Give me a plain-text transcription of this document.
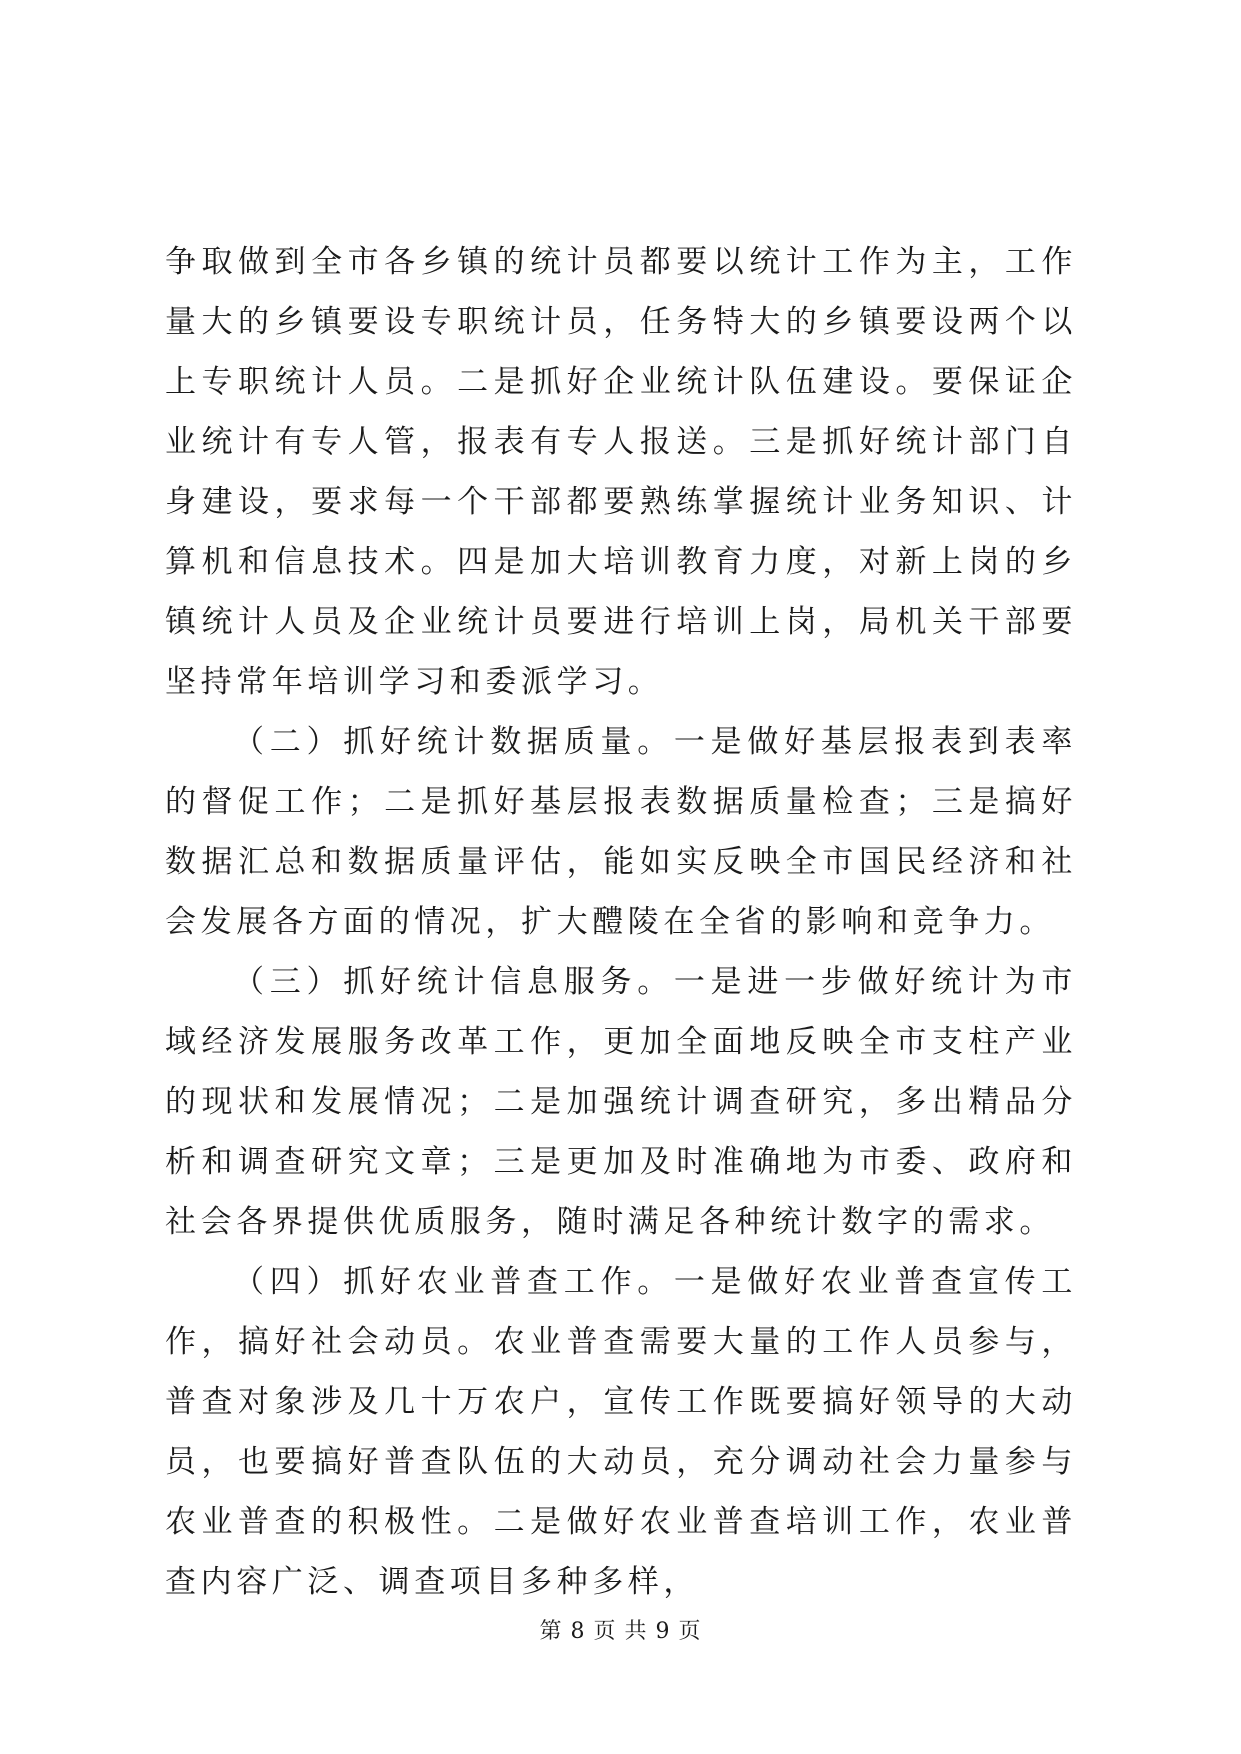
争取做到全市各乡镇的统计员都要以统计工作为主，工作量大的乡镇要设专职统计员，任务特大的乡镇要设两个以上专职统计人员。二是抓好企业统计队伍建设。要保证企业统计有专人管，报表有专人报送。三是抓好统计部门自身建设，要求每一个干部都要熟练掌握统计业务知识、计算机和信息技术。四是加大培训教育力度，对新上岗的乡镇统计人员及企业统计员要进行培训上岗，局机关干部要坚持常年培训学习和委派学习。

（二）抓好统计数据质量。一是做好基层报表到表率的督促工作；二是抓好基层报表数据质量检查；三是搞好数据汇总和数据质量评估，能如实反映全市国民经济和社会发展各方面的情况，扩大醴陵在全省的影响和竞争力。

（三）抓好统计信息服务。一是进一步做好统计为市域经济发展服务改革工作，更加全面地反映全市支柱产业的现状和发展情况；二是加强统计调查研究，多出精品分析和调查研究文章；三是更加及时准确地为市委、政府和社会各界提供优质服务，随时满足各种统计数字的需求。

（四）抓好农业普查工作。一是做好农业普查宣传工作，搞好社会动员。农业普查需要大量的工作人员参与，普查对象涉及几十万农户，宣传工作既要搞好领导的大动员，也要搞好普查队伍的大动员，充分调动社会力量参与农业普查的积极性。二是做好农业普查培训工作，农业普查内容广泛、调查项目多种多样，

第 8 页 共 9 页
